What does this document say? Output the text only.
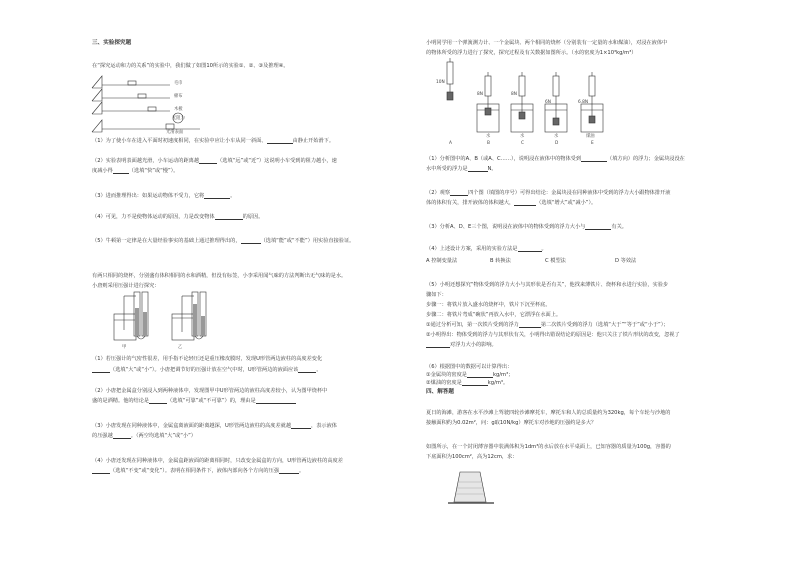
三、实验探究题
在“探究运动和力的关系”的实验中，我们做了如图10所示的实验①、②、③及推理④。
毛巾
棉布
木板
无阻力
光滑表面
（1）为了使小车在进入平面时初速度相同，在实验中应让小车从同一斜面、	由静止开始滑下。
（2）实验表明表面越光滑，小车运动的距离越	（选填“远”或“近”）这说明小车受到的阻力越小，速
度减小得	（选填“快”或“慢”）。
（3）进而推理得出：如果运动物体不受力，它将	。
（4）可见，力不是使物体运动的原因，力是改变物体	的原因。
（5）牛顿第一定律是在大量经验事实的基础上通过推理得出的，	（选填“能”或“不能”）用实验直接验证。
有两只相同的烧杯，分别盛有体积相同的水和酒精，但没有标签，小李采用闻气味的方法判断出无气味的是水。
小唐则采用压强计进行探究：
甲	乙
（1）若压强计的气密性很差，用手指不论轻压还是重压橡皮膜时，发现U形管两边液柱的高度差变化
（选填“大”或“小”）。小唐把调节好的压强计放在空气中时，U形管两边的液面应该	。
（2）小唐把金属盒分别浸入到两种液体中，发现图甲中U形管两边的液柱高度差较小，认为图甲烧杯中
盛的是酒精。他的结论是	（选填“可靠”或“不可靠”）的，理由是
（3）小唐发现在同种液体中，金属盒离液面的距离越深，U形管两边液柱的高度差就越	，表示液体
的压强越	。（两空均选填“大”或“小”）
（4）小唐还发现在同种液体中，金属盒距液面的距离相同时，只改变金属盒的方向，U形管两边液柱的高度差
（选填“不变”或“变化”）。表明在相同条件下，液体内部向各个方向的压强	。
小明同学用一个弹簧测力计、一个金属块、两个相同的烧杯（分别装有一定量的水和煤油），对浸在液体中
的物体所受的浮力进行了探究，探究过程及有关数据如图所示。（水的密度为1×10³kg/m³）
10N
8N	8N
6N	6.8N
水	水	水	煤油
A	B	C	D	E
（1）分析图中的A、B（或A、C……），说明浸在液体中的物体受到	（填方向）的浮力；金属块浸没在
水中所受的浮力是	N。
（2）观察	四个图（填图的序号）可得出结论：金属块浸在同种液体中受到的浮力大小跟物体排开液
体的体积有关，排开液体的体积越大，	（选填“增大”或“减小”）。
（3）分析A、D、E三个图，说明浸在液体中的物体受到的浮力大小与	有关。
（4）上述设计方案，采用的实验方法是	。
A 控制变量法	B 转换法	C 模型法	D 等效法
（5）小明还想探究“物体受到的浮力大小与其形状是否有关”，他找来薄铁片、烧杯和水进行实验，实验步
骤如下：
步骤一：将铁片放入盛水的烧杯中，铁片下沉至杯底。
步骤二：将铁片弯成“碗状”再放入水中，它漂浮在水面上。
①通过分析可知，第一次铁片受到的浮力	第二次铁片受到的浮力（选填“大于”“等于”或“小于”）；
②小明得出：物体受到的浮力与其形状有关，小明得出错误结论的原因是：他只关注了铁片形状的改变，忽视了
对浮力大小的影响。
（6）根据图中的数据可以计算得出：
①金属块的密度是	kg/m³；
②煤油的密度是	kg/m³。
四、解答题
夏日的海滩，游客在水平沙滩上驾驶四轮沙滩摩托车，摩托车和人的总质量约为320kg，每个车轮与沙地的
接触面积约为0.02m²，问：g取10N/kg）摩托车对沙地的压强约是多大？
如图所示，在一个封闭薄容器中装满体积为1dm³的水后放在水平桌面上，已知容器的质量为100g，容器的
下底面积为100cm²，高为12cm，求：
